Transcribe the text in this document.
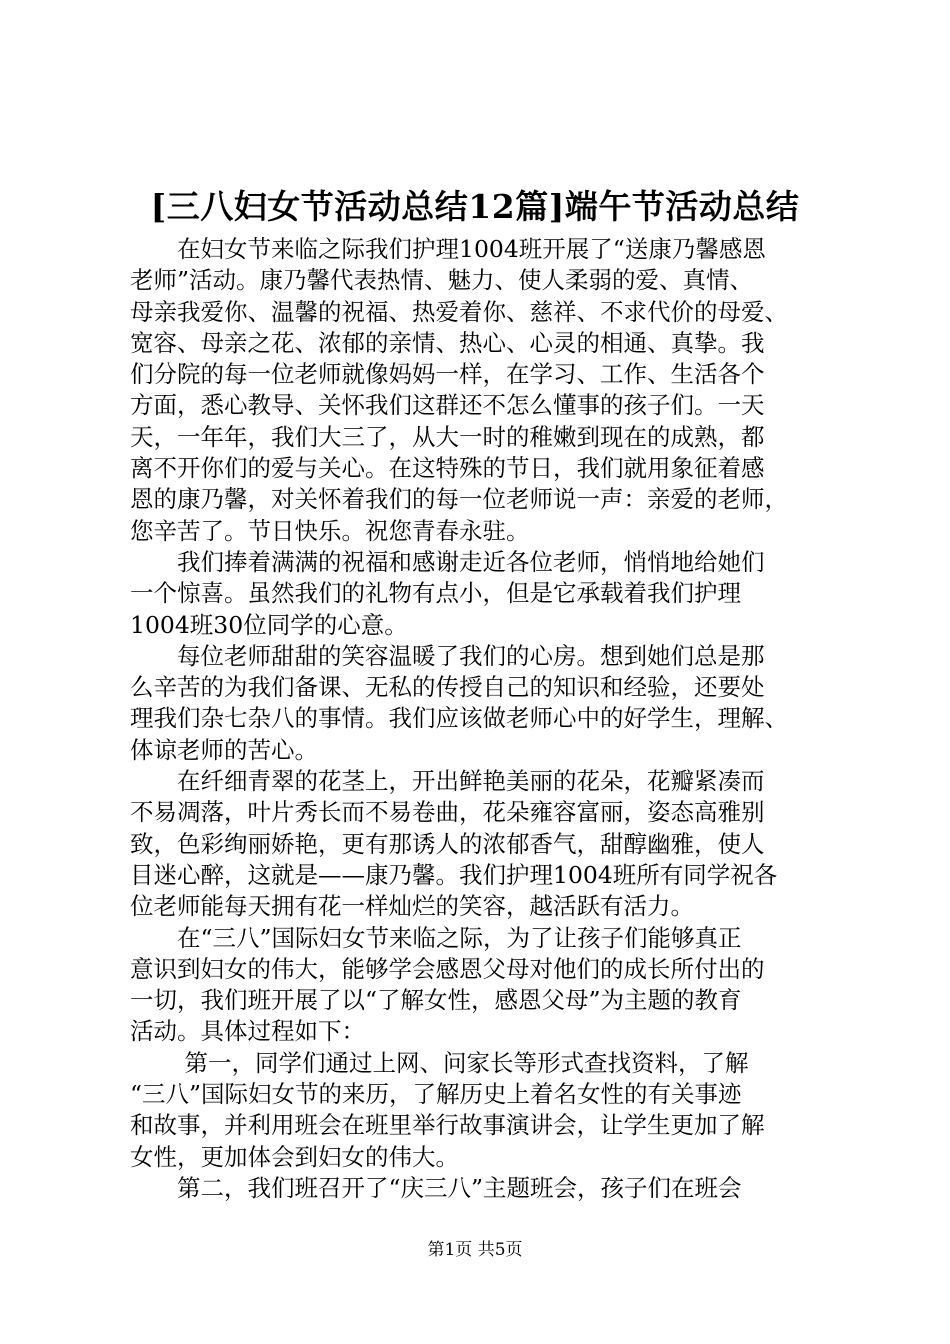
[三八妇女节活动总结12篇]端午节活动总结
　　在妇女节来临之际我们护理1004班开展了“送康乃馨感恩
老师”活动。康乃馨代表热情、魅力、使人柔弱的爱、真情、
母亲我爱你、温馨的祝福、热爱着你、慈祥、不求代价的母爱、
宽容、母亲之花、浓郁的亲情、热心、心灵的相通、真挚。我
们分院的每一位老师就像妈妈一样，在学习、工作、生活各个
方面，悉心教导、关怀我们这群还不怎么懂事的孩子们。一天
天，一年年，我们大三了，从大一时的稚嫩到现在的成熟，都
离不开你们的爱与关心。在这特殊的节日，我们就用象征着感
恩的康乃馨，对关怀着我们的每一位老师说一声：亲爱的老师，
您辛苦了。节日快乐。祝您青春永驻。
　　我们捧着满满的祝福和感谢走近各位老师，悄悄地给她们
一个惊喜。虽然我们的礼物有点小，但是它承载着我们护理
1004班30位同学的心意。
　　每位老师甜甜的笑容温暖了我们的心房。想到她们总是那
么辛苦的为我们备课、无私的传授自己的知识和经验，还要处
理我们杂七杂八的事情。我们应该做老师心中的好学生，理解、
体谅老师的苦心。
　　在纤细青翠的花茎上，开出鲜艳美丽的花朵，花瓣紧凑而
不易凋落，叶片秀长而不易卷曲，花朵雍容富丽，姿态高雅别
致，色彩绚丽娇艳，更有那诱人的浓郁香气，甜醇幽雅，使人
目迷心醉，这就是——康乃馨。我们护理1004班所有同学祝各
位老师能每天拥有花一样灿烂的笑容，越活跃有活力。
　　在“三八”国际妇女节来临之际，为了让孩子们能够真正
意识到妇女的伟大，能够学会感恩父母对他们的成长所付出的
一切，我们班开展了以“了解女性，感恩父母”为主题的教育
活动。具体过程如下：
　　 第一，同学们通过上网、问家长等形式查找资料，了解
“三八”国际妇女节的来历，了解历史上着名女性的有关事迹
和故事，并利用班会在班里举行故事演讲会，让学生更加了解
女性，更加体会到妇女的伟大。
　　第二，我们班召开了“庆三八”主题班会，孩子们在班会
第1页 共5页
